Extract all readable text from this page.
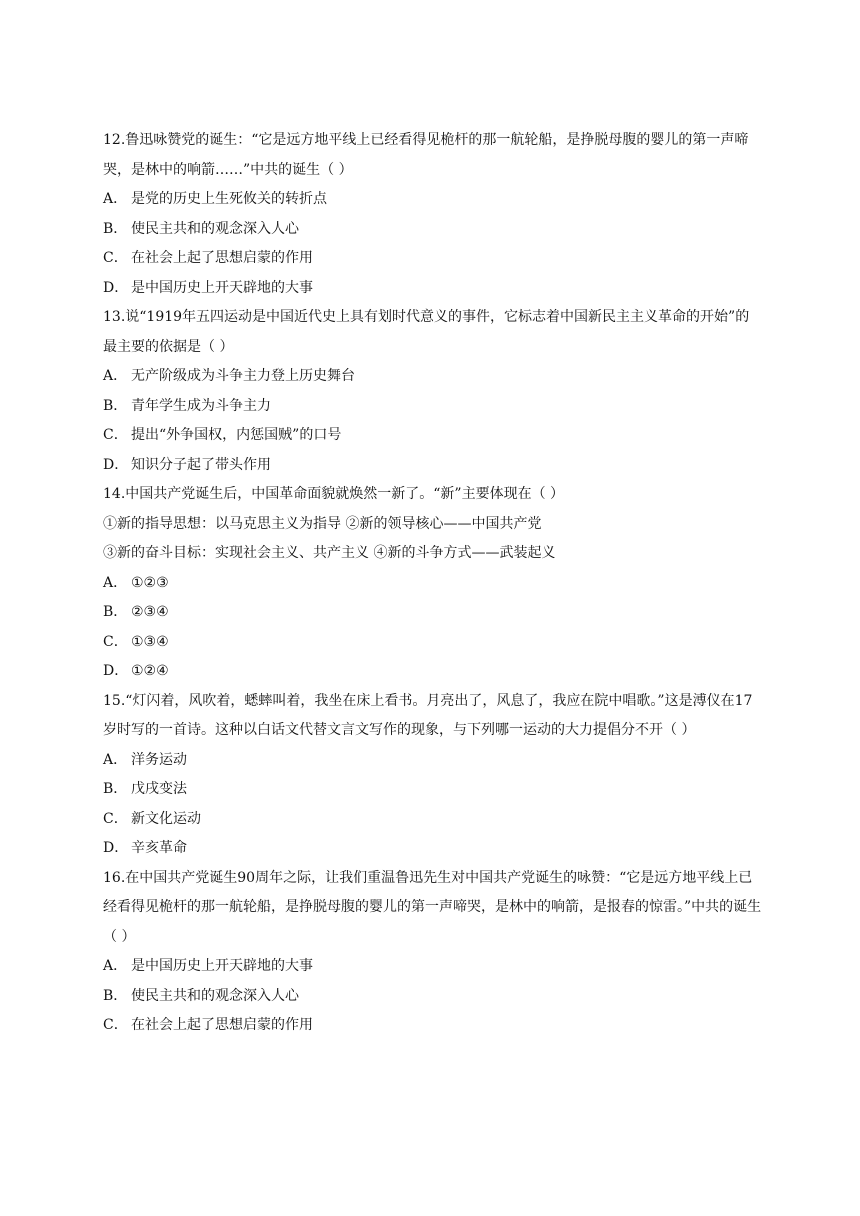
12.鲁迅咏赞党的诞生：“它是远方地平线上已经看得见桅杆的那一航轮船，是挣脱母腹的婴儿的第一声啼哭，是林中的响箭……”中共的诞生（ ）

A． 是党的历史上生死攸关的转折点
B． 使民主共和的观念深入人心
C． 在社会上起了思想启蒙的作用
D． 是中国历史上开天辟地的大事

13.说“1919年五四运动是中国近代史上具有划时代意义的事件，它标志着中国新民主主义革命的开始”的最主要的依据是（ ）

A． 无产阶级成为斗争主力登上历史舞台
B． 青年学生成为斗争主力
C． 提出“外争国权，内惩国贼”的口号
D． 知识分子起了带头作用

14.中国共产党诞生后，中国革命面貌就焕然一新了。“新”主要体现在（ ）

①新的指导思想：以马克思主义为指导 ②新的领导核心——中国共产党

③新的奋斗目标：实现社会主义、共产主义 ④新的斗争方式——武装起义

A． ①②③
B． ②③④
C． ①③④
D． ①②④

15.“灯闪着，风吹着，蟋蟀叫着，我坐在床上看书。月亮出了，风息了，我应在院中唱歌。”这是溥仪在17岁时写的一首诗。这种以白话文代替文言文写作的现象，与下列哪一运动的大力提倡分不开（ ）

A． 洋务运动
B． 戊戌变法
C． 新文化运动
D． 辛亥革命

16.在中国共产党诞生90周年之际，让我们重温鲁迅先生对中国共产党诞生的咏赞：“它是远方地平线上已经看得见桅杆的那一航轮船，是挣脱母腹的婴儿的第一声啼哭，是林中的响箭，是报春的惊雷。”中共的诞生（ ）

A． 是中国历史上开天辟地的大事
B． 使民主共和的观念深入人心
C． 在社会上起了思想启蒙的作用
